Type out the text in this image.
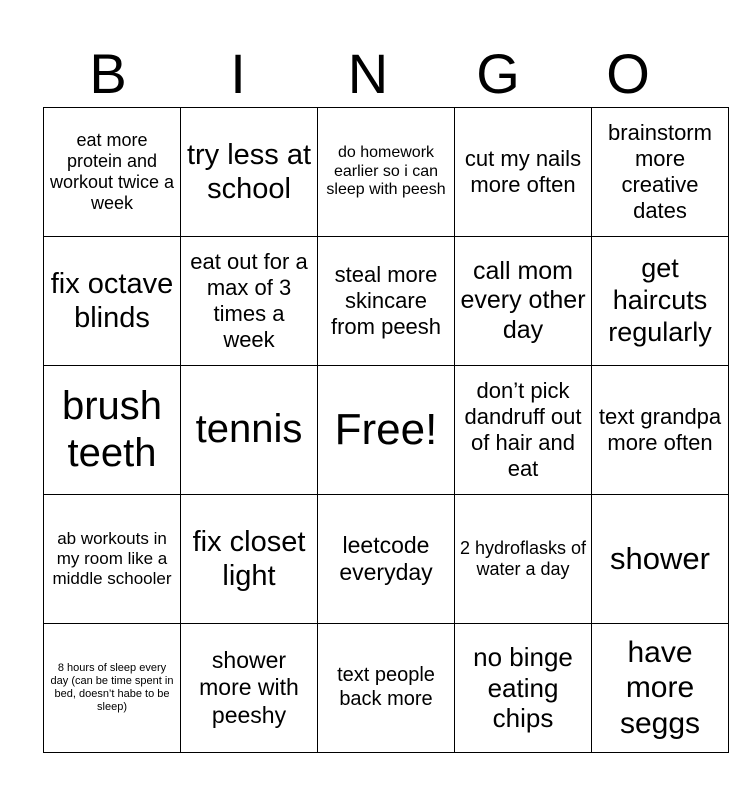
B	I	N	G	O
eat more protein and workout twice a week	try less at school	do homework earlier so i can sleep with peesh	cut my nails more often	brainstorm more creative dates
fix octave blinds	eat out for a max of 3 times a week	steal more skincare from peesh	call mom every other day	get haircuts regularly
brush teeth	tennis	Free!	don’t pick dandruff out of hair and eat	text grandpa more often
ab workouts in my room like a middle schooler	fix closet light	leetcode everyday	2 hydroflasks of water a day	shower
8 hours of sleep every day (can be time spent in bed, doesn’t habe to be sleep)	shower more with peeshy	text people back more	no binge eating chips	have more seggs
